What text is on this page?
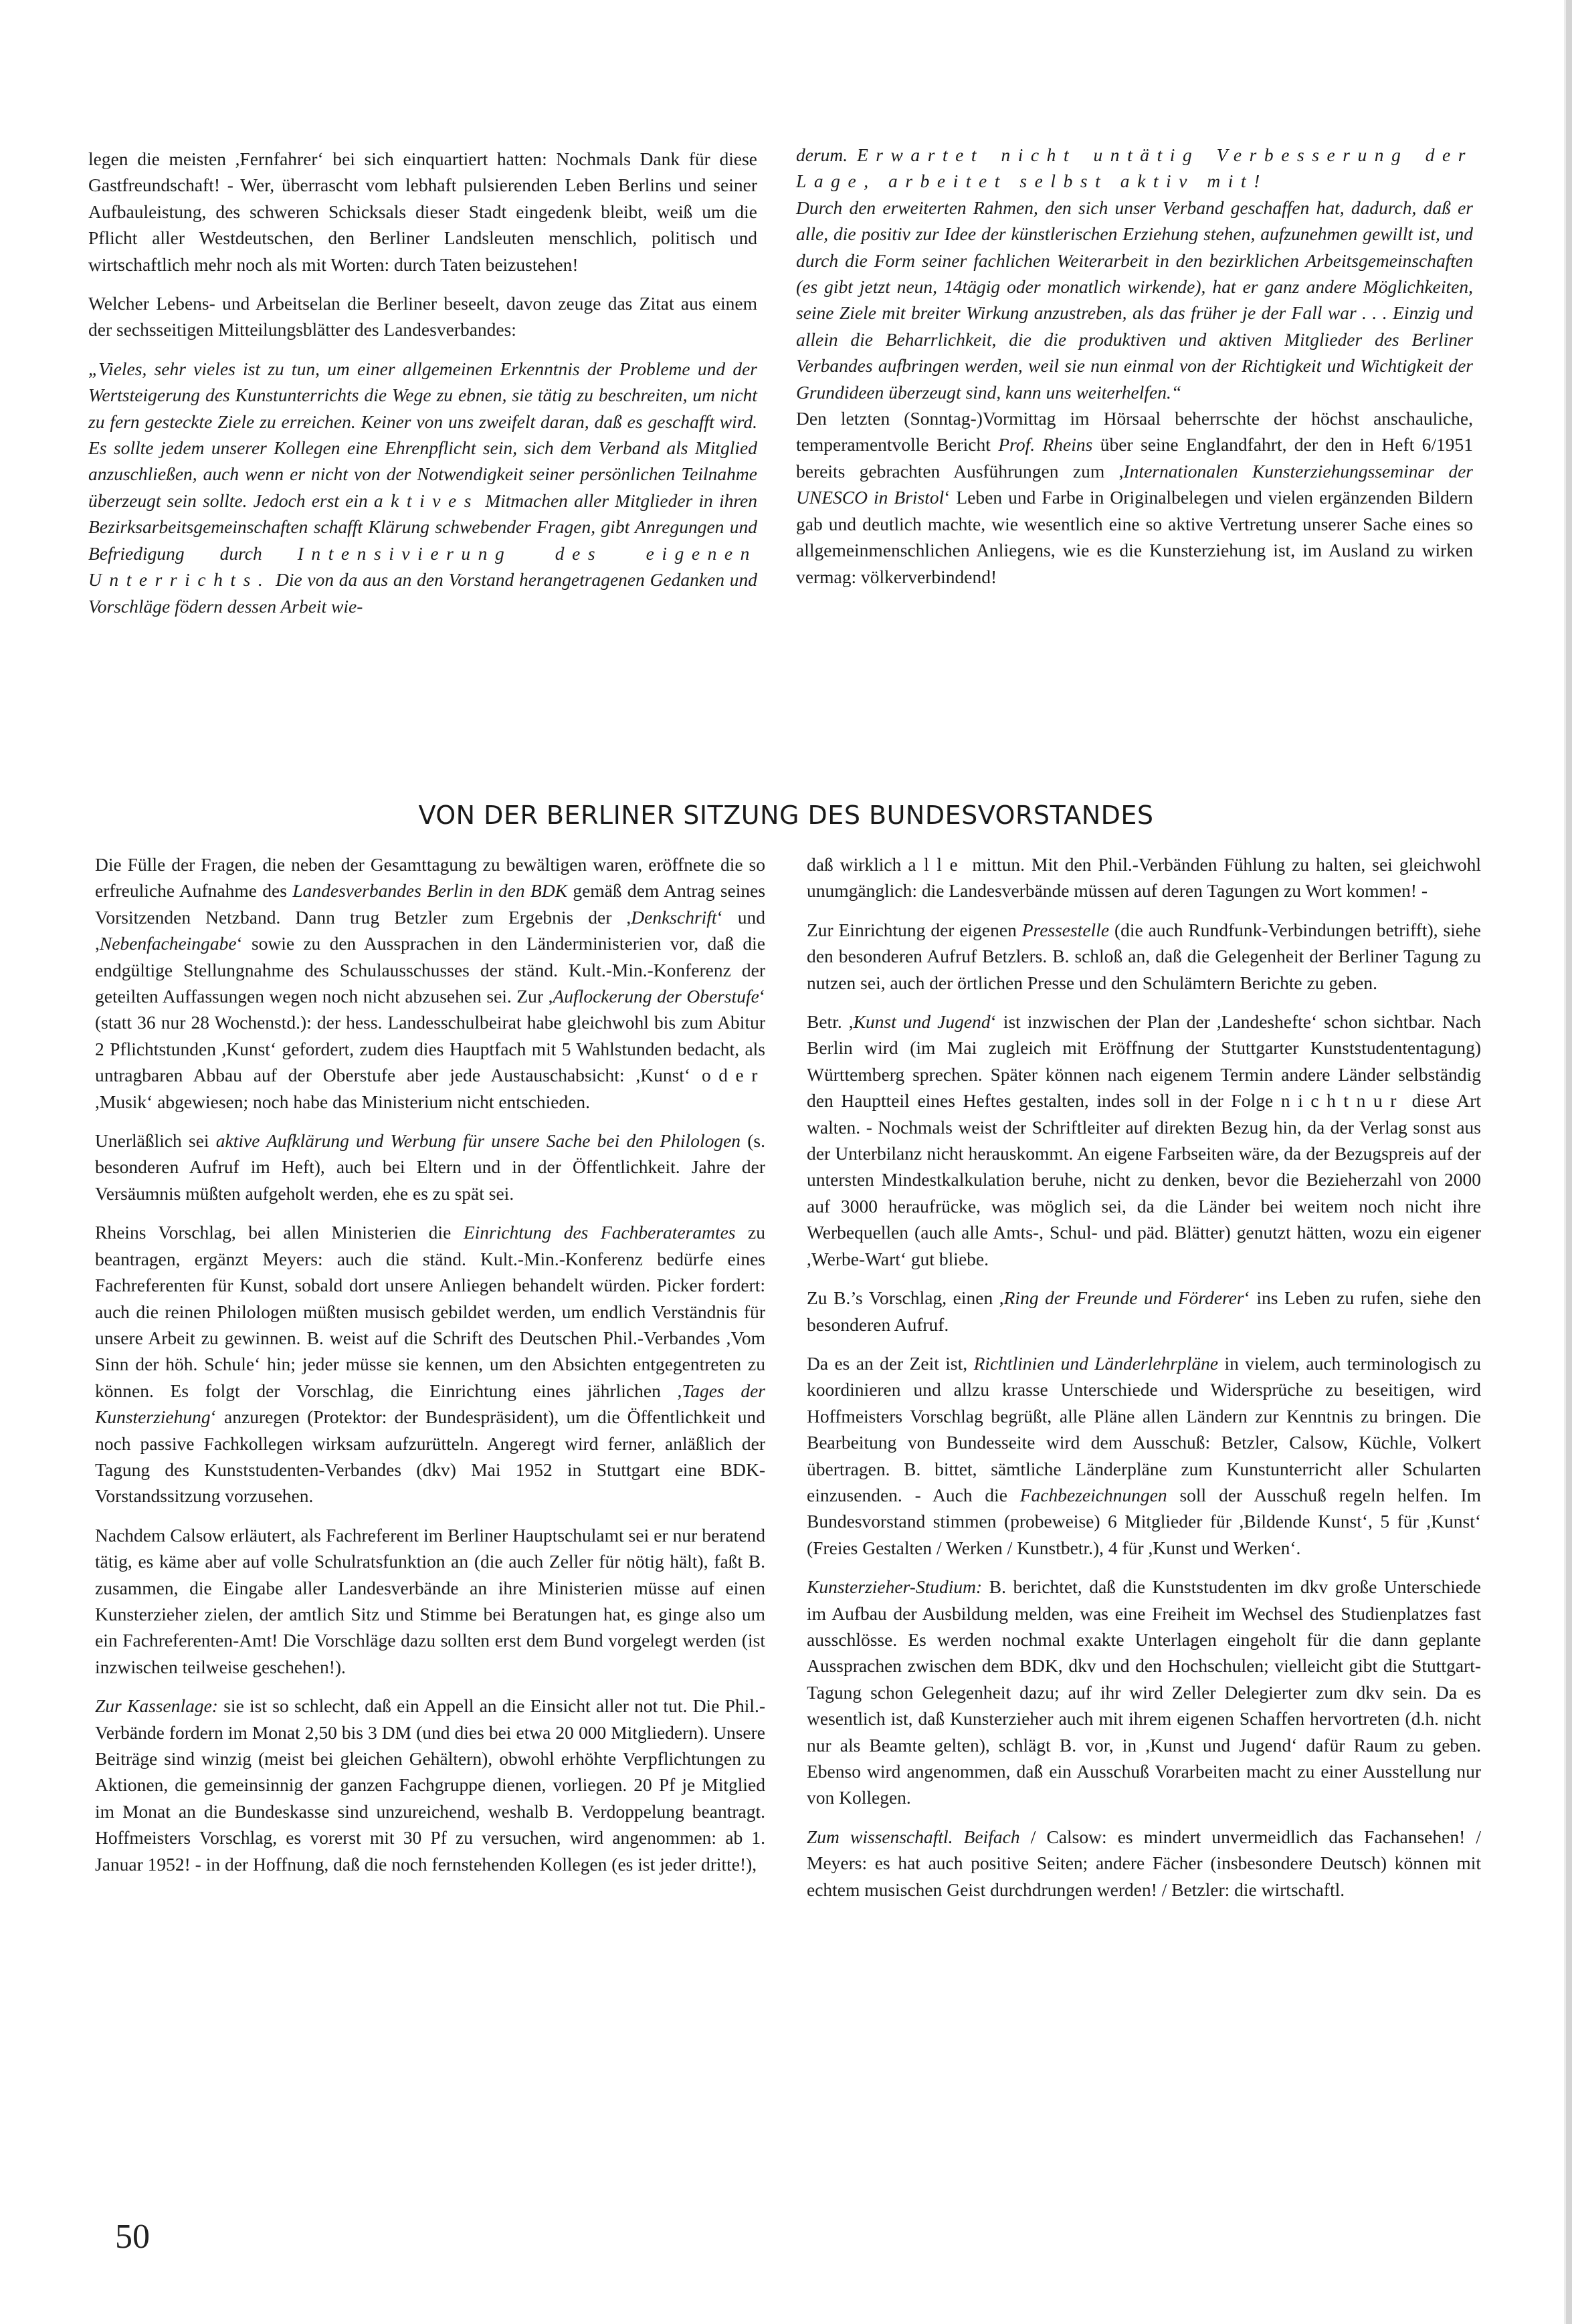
legen die meisten ,Fernfahrer‘ bei sich einquartiert hatten: Nochmals Dank für diese Gastfreundschaft! - Wer, überrascht vom lebhaft pulsierenden Leben Berlins und seiner Aufbauleistung, des schweren Schicksals dieser Stadt eingedenk bleibt, weiß um die Pflicht aller Westdeutschen, den Berliner Landsleuten menschlich, politisch und wirtschaftlich mehr noch als mit Worten: durch Taten beizustehen!

Welcher Lebens- und Arbeitselan die Berliner beseelt, davon zeuge das Zitat aus einem der sechsseitigen Mitteilungsblätter des Landesverbandes:

„Vieles, sehr vieles ist zu tun, um einer allgemeinen Erkenntnis der Probleme und der Wertsteigerung des Kunstunterrichts die Wege zu ebnen, sie tätig zu beschreiten, um nicht zu fern gesteckte Ziele zu erreichen. Keiner von uns zweifelt daran, daß es geschafft wird. Es sollte jedem unserer Kollegen eine Ehrenpflicht sein, sich dem Verband als Mitglied anzuschließen, auch wenn er nicht von der Notwendigkeit seiner persönlichen Teilnahme überzeugt sein sollte. Jedoch erst ein aktives Mitmachen aller Mitglieder in ihren Bezirksarbeitsgemeinschaften schafft Klärung schwebender Fragen, gibt Anregungen und Befriedigung durch Intensivierung des eigenen Unterrichts. Die von da aus an den Vorstand herangetragenen Gedanken und Vorschläge födern dessen Arbeit wie-

derum. Erwartet nicht untätig Verbesserung der Lage, arbeitet selbst aktiv mit!

Durch den erweiterten Rahmen, den sich unser Verband geschaffen hat, dadurch, daß er alle, die positiv zur Idee der künstlerischen Erziehung stehen, aufzunehmen gewillt ist, und durch die Form seiner fachlichen Weiterarbeit in den bezirklichen Arbeitsgemeinschaften (es gibt jetzt neun, 14tägig oder monatlich wirkende), hat er ganz andere Möglichkeiten, seine Ziele mit breiter Wirkung anzustreben, als das früher je der Fall war . . . Einzig und allein die Beharrlichkeit, die die produktiven und aktiven Mitglieder des Berliner Verbandes aufbringen werden, weil sie nun einmal von der Richtigkeit und Wichtigkeit der Grundideen überzeugt sind, kann uns weiterhelfen.“

Den letzten (Sonntag-)Vormittag im Hörsaal beherrschte der höchst anschauliche, temperamentvolle Bericht Prof. Rheins über seine Englandfahrt, der den in Heft 6/1951 bereits gebrachten Ausführungen zum ,Internationalen Kunsterziehungsseminar der UNESCO in Bristol‘ Leben und Farbe in Originalbelegen und vielen ergänzenden Bildern gab und deutlich machte, wie wesentlich eine so aktive Vertretung unserer Sache eines so allgemeinmenschlichen Anliegens, wie es die Kunsterziehung ist, im Ausland zu wirken vermag: völkerverbindend!

VON DER BERLINER SITZUNG DES BUNDESVORSTANDES

Die Fülle der Fragen, die neben der Gesamttagung zu bewältigen waren, eröffnete die so erfreuliche Aufnahme des Landesverbandes Berlin in den BDK gemäß dem Antrag seines Vorsitzenden Netzband. Dann trug Betzler zum Ergebnis der ,Denkschrift‘ und ,Nebenfacheingabe‘ sowie zu den Aussprachen in den Länderministerien vor, daß die endgültige Stellungnahme des Schulausschusses der ständ. Kult.-Min.-Konferenz der geteilten Auffassungen wegen noch nicht abzusehen sei. Zur ,Auflockerung der Oberstufe‘ (statt 36 nur 28 Wochenstd.): der hess. Landesschulbeirat habe gleichwohl bis zum Abitur 2 Pflichtstunden ,Kunst‘ gefordert, zudem dies Hauptfach mit 5 Wahlstunden bedacht, als untragbaren Abbau auf der Oberstufe aber jede Austauschabsicht: ,Kunst‘ oder ,Musik‘ abgewiesen; noch habe das Ministerium nicht entschieden.

Unerläßlich sei aktive Aufklärung und Werbung für unsere Sache bei den Philologen (s. besonderen Aufruf im Heft), auch bei Eltern und in der Öffentlichkeit. Jahre der Versäumnis müßten aufgeholt werden, ehe es zu spät sei.

Rheins Vorschlag, bei allen Ministerien die Einrichtung des Fachberateramtes zu beantragen, ergänzt Meyers: auch die ständ. Kult.-Min.-Konferenz bedürfe eines Fachreferenten für Kunst, sobald dort unsere Anliegen behandelt würden. Picker fordert: auch die reinen Philologen müßten musisch gebildet werden, um endlich Verständnis für unsere Arbeit zu gewinnen. B. weist auf die Schrift des Deutschen Phil.-Verbandes ,Vom Sinn der höh. Schule‘ hin; jeder müsse sie kennen, um den Absichten entgegentreten zu können. Es folgt der Vorschlag, die Einrichtung eines jährlichen ,Tages der Kunsterziehung‘ anzuregen (Protektor: der Bundespräsident), um die Öffentlichkeit und noch passive Fachkollegen wirksam aufzurütteln. Angeregt wird ferner, anläßlich der Tagung des Kunststudenten-Verbandes (dkv) Mai 1952 in Stuttgart eine BDK-Vorstandssitzung vorzusehen.

Nachdem Calsow erläutert, als Fachreferent im Berliner Hauptschulamt sei er nur beratend tätig, es käme aber auf volle Schulratsfunktion an (die auch Zeller für nötig hält), faßt B. zusammen, die Eingabe aller Landesverbände an ihre Ministerien müsse auf einen Kunsterzieher zielen, der amtlich Sitz und Stimme bei Beratungen hat, es ginge also um ein Fachreferenten-Amt! Die Vorschläge dazu sollten erst dem Bund vorgelegt werden (ist inzwischen teilweise geschehen!).

Zur Kassenlage: sie ist so schlecht, daß ein Appell an die Einsicht aller not tut. Die Phil.-Verbände fordern im Monat 2,50 bis 3 DM (und dies bei etwa 20 000 Mitgliedern). Unsere Beiträge sind winzig (meist bei gleichen Gehältern), obwohl erhöhte Verpflichtungen zu Aktionen, die gemeinsinnig der ganzen Fachgruppe dienen, vorliegen. 20 Pf je Mitglied im Monat an die Bundeskasse sind unzureichend, weshalb B. Verdoppelung beantragt. Hoffmeisters Vorschlag, es vorerst mit 30 Pf zu versuchen, wird angenommen: ab 1. Januar 1952! - in der Hoffnung, daß die noch fernstehenden Kollegen (es ist jeder dritte!),

daß wirklich alle mittun. Mit den Phil.-Verbänden Fühlung zu halten, sei gleichwohl unumgänglich: die Landesverbände müssen auf deren Tagungen zu Wort kommen! -

Zur Einrichtung der eigenen Pressestelle (die auch Rundfunk-Verbindungen betrifft), siehe den besonderen Aufruf Betzlers. B. schloß an, daß die Gelegenheit der Berliner Tagung zu nutzen sei, auch der örtlichen Presse und den Schulämtern Berichte zu geben.

Betr. ,Kunst und Jugend‘ ist inzwischen der Plan der ,Landeshefte‘ schon sichtbar. Nach Berlin wird (im Mai zugleich mit Eröffnung der Stuttgarter Kunststudententagung) Württemberg sprechen. Später können nach eigenem Termin andere Länder selbständig den Hauptteil eines Heftes gestalten, indes soll in der Folge nichtnur diese Art walten. - Nochmals weist der Schriftleiter auf direkten Bezug hin, da der Verlag sonst aus der Unterbilanz nicht herauskommt. An eigene Farbseiten wäre, da der Bezugspreis auf der untersten Mindestkalkulation beruhe, nicht zu denken, bevor die Bezieherzahl von 2000 auf 3000 heraufrücke, was möglich sei, da die Länder bei weitem noch nicht ihre Werbequellen (auch alle Amts-, Schul- und päd. Blätter) genutzt hätten, wozu ein eigener ,Werbe-Wart‘ gut bliebe.

Zu B.’s Vorschlag, einen ,Ring der Freunde und Förderer‘ ins Leben zu rufen, siehe den besonderen Aufruf.

Da es an der Zeit ist, Richtlinien und Länderlehrpläne in vielem, auch terminologisch zu koordinieren und allzu krasse Unterschiede und Widersprüche zu beseitigen, wird Hoffmeisters Vorschlag begrüßt, alle Pläne allen Ländern zur Kenntnis zu bringen. Die Bearbeitung von Bundesseite wird dem Ausschuß: Betzler, Calsow, Küchle, Volkert übertragen. B. bittet, sämtliche Länderpläne zum Kunstunterricht aller Schularten einzusenden. - Auch die Fachbezeichnungen soll der Ausschuß regeln helfen. Im Bundesvorstand stimmen (probeweise) 6 Mitglieder für ,Bildende Kunst‘, 5 für ,Kunst‘ (Freies Gestalten / Werken / Kunstbetr.), 4 für ,Kunst und Werken‘.

Kunsterzieher-Studium: B. berichtet, daß die Kunststudenten im dkv große Unterschiede im Aufbau der Ausbildung melden, was eine Freiheit im Wechsel des Studienplatzes fast ausschlösse. Es werden nochmal exakte Unterlagen eingeholt für die dann geplante Aussprachen zwischen dem BDK, dkv und den Hochschulen; vielleicht gibt die Stuttgart-Tagung schon Gelegenheit dazu; auf ihr wird Zeller Delegierter zum dkv sein. Da es wesentlich ist, daß Kunsterzieher auch mit ihrem eigenen Schaffen hervortreten (d.h. nicht nur als Beamte gelten), schlägt B. vor, in ,Kunst und Jugend‘ dafür Raum zu geben. Ebenso wird angenommen, daß ein Ausschuß Vorarbeiten macht zu einer Ausstellung nur von Kollegen.

Zum wissenschaftl. Beifach / Calsow: es mindert unvermeidlich das Fachansehen! / Meyers: es hat auch positive Seiten; andere Fächer (insbesondere Deutsch) können mit echtem musischen Geist durchdrungen werden! / Betzler: die wirtschaftl.

50
